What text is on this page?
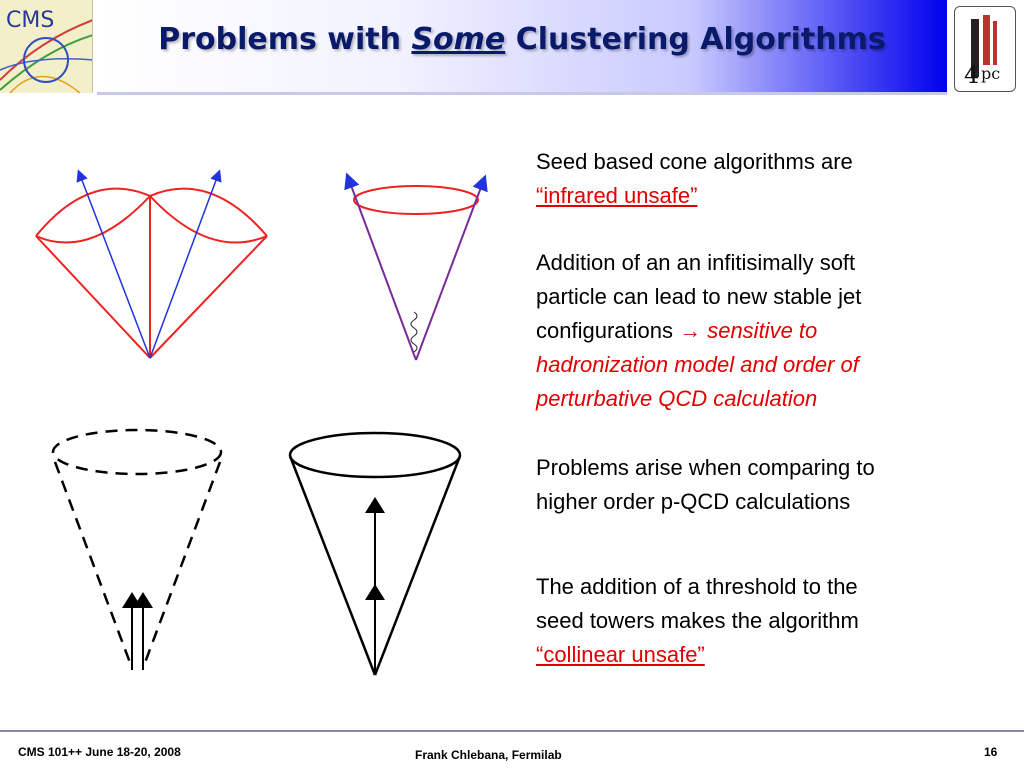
CMS
Problems with Some Clustering Algorithms
4 pc
Seed based cone algorithms are
“infrared unsafe”
Addition of an an infitisimally soft
particle can lead to new stable jet
configurations → sensitive to
hadronization model and order of
perturbative QCD calculation
Problems arise when comparing to
higher order p-QCD calculations
The addition of a threshold to the
seed towers makes the algorithm
“collinear unsafe”
CMS 101++ June 18-20, 2008	Frank Chlebana, Fermilab	16
